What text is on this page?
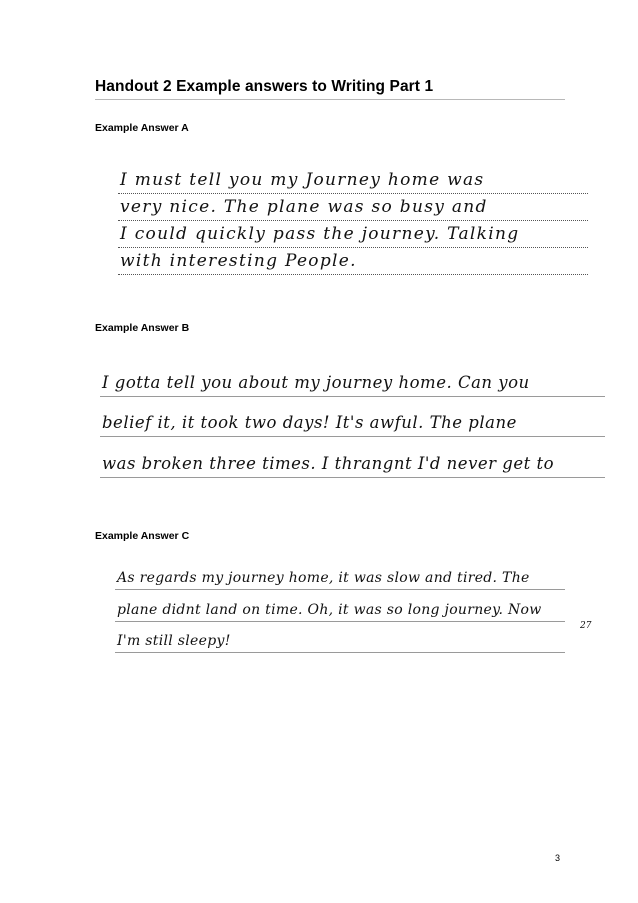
Handout 2 Example answers to Writing Part 1
Example Answer A
I must tell you my Journey home was
very nice. The plane was so busy and
I could quickly pass the journey. Talking
with interesting People.
Example Answer B
I gotta tell you about my journey home. Can you
belief it, it took two days! It's awful. The plane
was broken three times. I thrangnt I'd never get to
Example Answer C
As regards my journey home, it was slow and tired. The
plane didnt land on time. Oh, it was so long journey. Now
I'm still sleepy!
27
3
